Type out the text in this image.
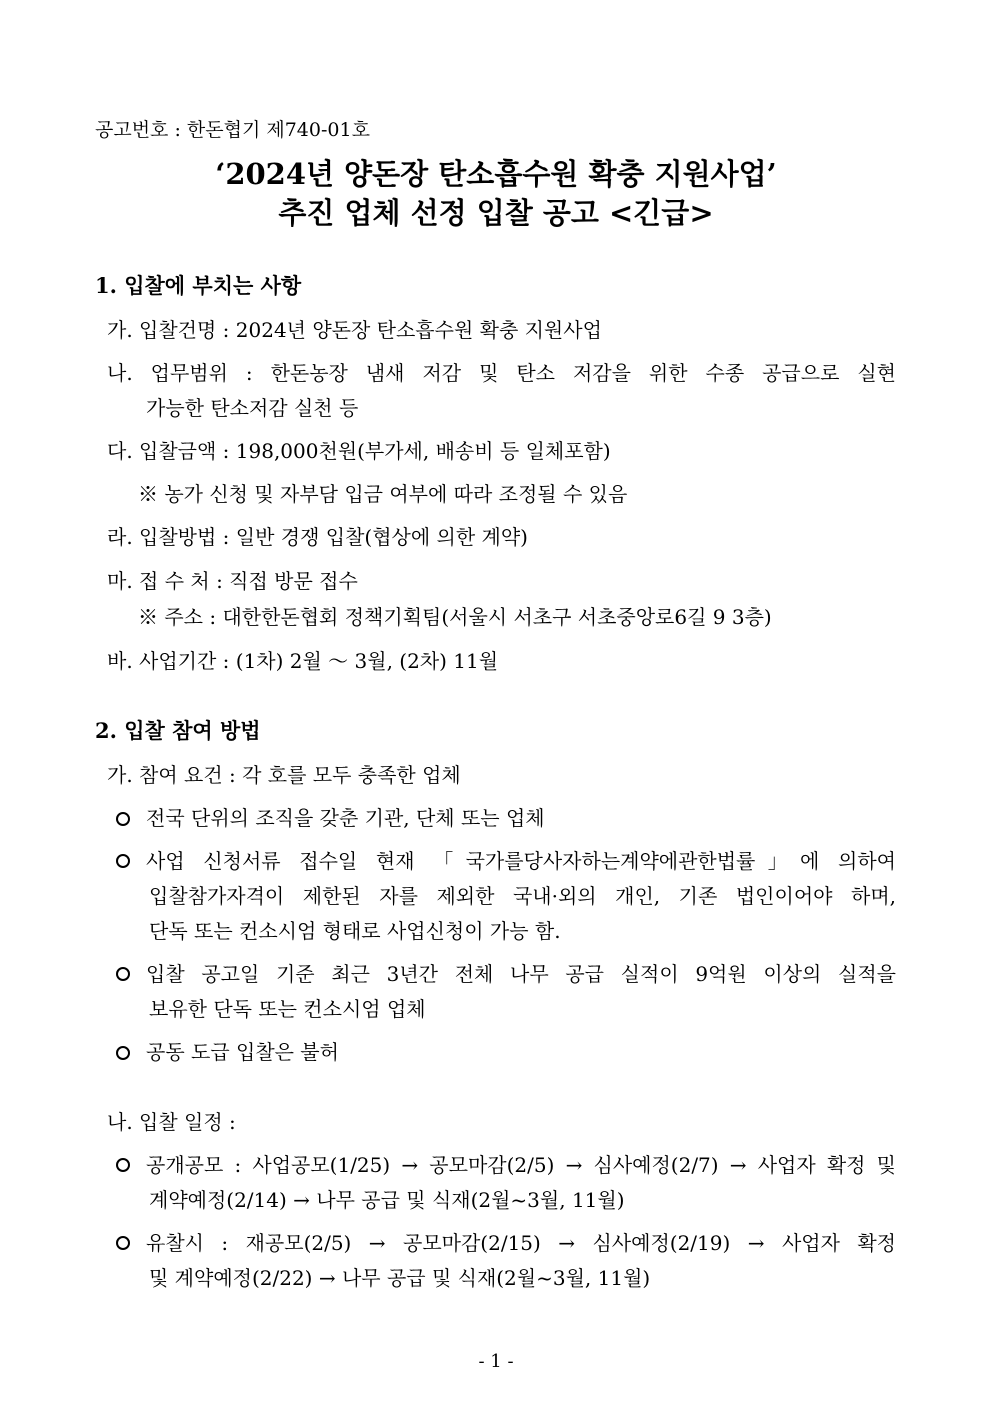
공고번호 : 한돈협기 제740-01호
‘2024년 양돈장 탄소흡수원 확충 지원사업’
추진 업체 선정 입찰 공고 <긴급>
1. 입찰에 부치는 사항
가. 입찰건명 : 2024년 양돈장 탄소흡수원 확충 지원사업
나. 업무범위 : 한돈농장 냄새 저감 및 탄소 저감을 위한 수종 공급으로 실현
가능한 탄소저감 실천 등
다. 입찰금액 : 198,000천원(부가세, 배송비 등 일체포함)
※ 농가 신청 및 자부담 입금 여부에 따라 조정될 수 있음
라. 입찰방법 : 일반 경쟁 입찰(협상에 의한 계약)
마. 접 수 처 : 직접 방문 접수
※ 주소 : 대한한돈협회 정책기획팀(서울시 서초구 서초중앙로6길 9 3층)
바. 사업기간 : (1차) 2월 ～ 3월, (2차) 11월
2. 입찰 참여 방법
가. 참여 요건 : 각 호를 모두 충족한 업체
전국 단위의 조직을 갖춘 기관, 단체 또는 업체
사업 신청서류 접수일 현재 「국가를당사자하는계약에관한법률」에 의하여
입찰참가자격이 제한된 자를 제외한 국내·외의 개인, 기존 법인이어야 하며,
단독 또는 컨소시엄 형태로 사업신청이 가능 함.
입찰 공고일 기준 최근 3년간 전체 나무 공급 실적이 9억원 이상의 실적을
보유한 단독 또는 컨소시엄 업체
공동 도급 입찰은 불허
나. 입찰 일정 :
공개공모 : 사업공모(1/25) → 공모마감(2/5) → 심사예정(2/7) → 사업자 확정 및
계약예정(2/14) → 나무 공급 및 식재(2월~3월, 11월)
유찰시 : 재공모(2/5) → 공모마감(2/15) → 심사예정(2/19) → 사업자 확정
및 계약예정(2/22) → 나무 공급 및 식재(2월~3월, 11월)
- 1 -
